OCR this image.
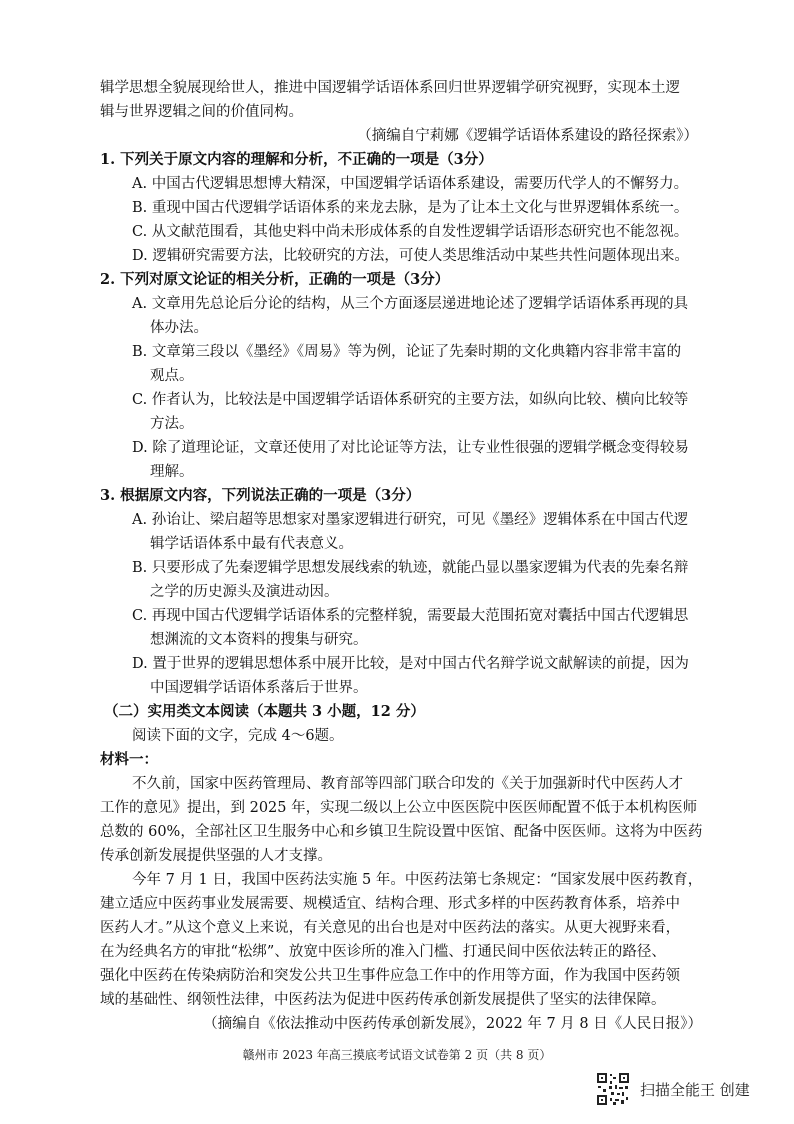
辑学思想全貌展现给世人，推进中国逻辑学话语体系回归世界逻辑学研究视野，实现本土逻
辑与世界逻辑之间的价值同构。
（摘编自宁莉娜《逻辑学话语体系建设的路径探索》）
1. 下列关于原文内容的理解和分析，不正确的一项是（3分）
A. 中国古代逻辑思想博大精深，中国逻辑学话语体系建设，需要历代学人的不懈努力。
B. 重现中国古代逻辑学话语体系的来龙去脉，是为了让本土文化与世界逻辑体系统一。
C. 从文献范围看，其他史料中尚未形成体系的自发性逻辑学话语形态研究也不能忽视。
D. 逻辑研究需要方法，比较研究的方法，可使人类思维活动中某些共性问题体现出来。
2. 下列对原文论证的相关分析，正确的一项是（3分）
A. 文章用先总论后分论的结构，从三个方面逐层递进地论述了逻辑学话语体系再现的具
体办法。
B. 文章第三段以《墨经》《周易》等为例，论证了先秦时期的文化典籍内容非常丰富的
观点。
C. 作者认为，比较法是中国逻辑学话语体系研究的主要方法，如纵向比较、横向比较等
方法。
D. 除了道理论证，文章还使用了对比论证等方法，让专业性很强的逻辑学概念变得较易
理解。
3. 根据原文内容，下列说法正确的一项是（3分）
A. 孙诒让、梁启超等思想家对墨家逻辑进行研究，可见《墨经》逻辑体系在中国古代逻
辑学话语体系中最有代表意义。
B. 只要形成了先秦逻辑学思想发展线索的轨迹，就能凸显以墨家逻辑为代表的先秦名辩
之学的历史源头及演进动因。
C. 再现中国古代逻辑学话语体系的完整样貌，需要最大范围拓宽对囊括中国古代逻辑思
想渊流的文本资料的搜集与研究。
D. 置于世界的逻辑思想体系中展开比较，是对中国古代名辩学说文献解读的前提，因为
中国逻辑学话语体系落后于世界。
（二）实用类文本阅读（本题共 3 小题，12 分）
阅读下面的文字，完成 4～6题。
材料一：
不久前，国家中医药管理局、教育部等四部门联合印发的《关于加强新时代中医药人才
工作的意见》提出，到 2025 年，实现二级以上公立中医医院中医医师配置不低于本机构医师
总数的 60%，全部社区卫生服务中心和乡镇卫生院设置中医馆、配备中医医师。这将为中医药
传承创新发展提供坚强的人才支撑。
今年 7 月 1 日，我国中医药法实施 5 年。中医药法第七条规定：“国家发展中医药教育，
建立适应中医药事业发展需要、规模适宜、结构合理、形式多样的中医药教育体系，培养中
医药人才。”从这个意义上来说，有关意见的出台也是对中医药法的落实。从更大视野来看，
在为经典名方的审批“松绑”、放宽中医诊所的准入门槛、打通民间中医依法转正的路径、
强化中医药在传染病防治和突发公共卫生事件应急工作中的作用等方面，作为我国中医药领
域的基础性、纲领性法律，中医药法为促进中医药传承创新发展提供了坚实的法律保障。
（摘编自《依法推动中医药传承创新发展》，2022 年 7 月 8 日《人民日报》）
赣州市 2023 年高三摸底考试语文试卷第 2 页（共 8 页）
扫描全能王 创建
